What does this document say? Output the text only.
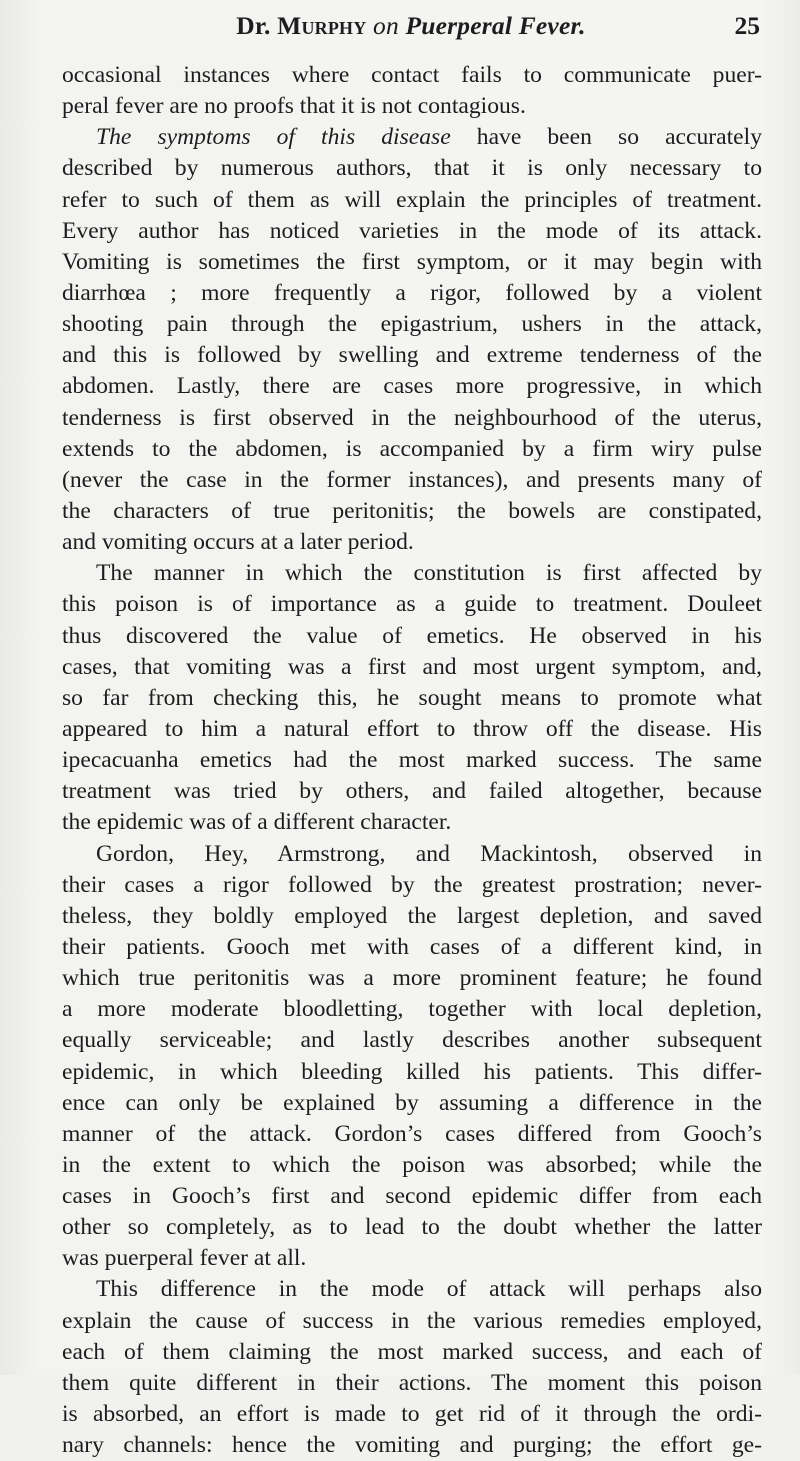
Dr. Murphy on Puerperal Fever.	25
occasional instances where contact fails to communicate puer-
peral fever are no proofs that it is not contagious.
The symptoms of this disease have been so accurately
described by numerous authors, that it is only necessary to
refer to such of them as will explain the principles of treatment.
Every author has noticed varieties in the mode of its attack.
Vomiting is sometimes the first symptom, or it may begin with
diarrhœa ; more frequently a rigor, followed by a violent
shooting pain through the epigastrium, ushers in the attack,
and this is followed by swelling and extreme tenderness of the
abdomen. Lastly, there are cases more progressive, in which
tenderness is first observed in the neighbourhood of the uterus,
extends to the abdomen, is accompanied by a firm wiry pulse
(never the case in the former instances), and presents many of
the characters of true peritonitis; the bowels are constipated,
and vomiting occurs at a later period.
The manner in which the constitution is first affected by
this poison is of importance as a guide to treatment. Douleet
thus discovered the value of emetics. He observed in his
cases, that vomiting was a first and most urgent symptom, and,
so far from checking this, he sought means to promote what
appeared to him a natural effort to throw off the disease. His
ipecacuanha emetics had the most marked success. The same
treatment was tried by others, and failed altogether, because
the epidemic was of a different character.
Gordon, Hey, Armstrong, and Mackintosh, observed in
their cases a rigor followed by the greatest prostration; never-
theless, they boldly employed the largest depletion, and saved
their patients. Gooch met with cases of a different kind, in
which true peritonitis was a more prominent feature; he found
a more moderate bloodletting, together with local depletion,
equally serviceable; and lastly describes another subsequent
epidemic, in which bleeding killed his patients. This differ-
ence can only be explained by assuming a difference in the
manner of the attack. Gordon’s cases differed from Gooch’s
in the extent to which the poison was absorbed; while the
cases in Gooch’s first and second epidemic differ from each
other so completely, as to lead to the doubt whether the latter
was puerperal fever at all.
This difference in the mode of attack will perhaps also
explain the cause of success in the various remedies employed,
each of them claiming the most marked success, and each of
them quite different in their actions. The moment this poison
is absorbed, an effort is made to get rid of it through the ordi-
nary channels: hence the vomiting and purging; the effort ge-
